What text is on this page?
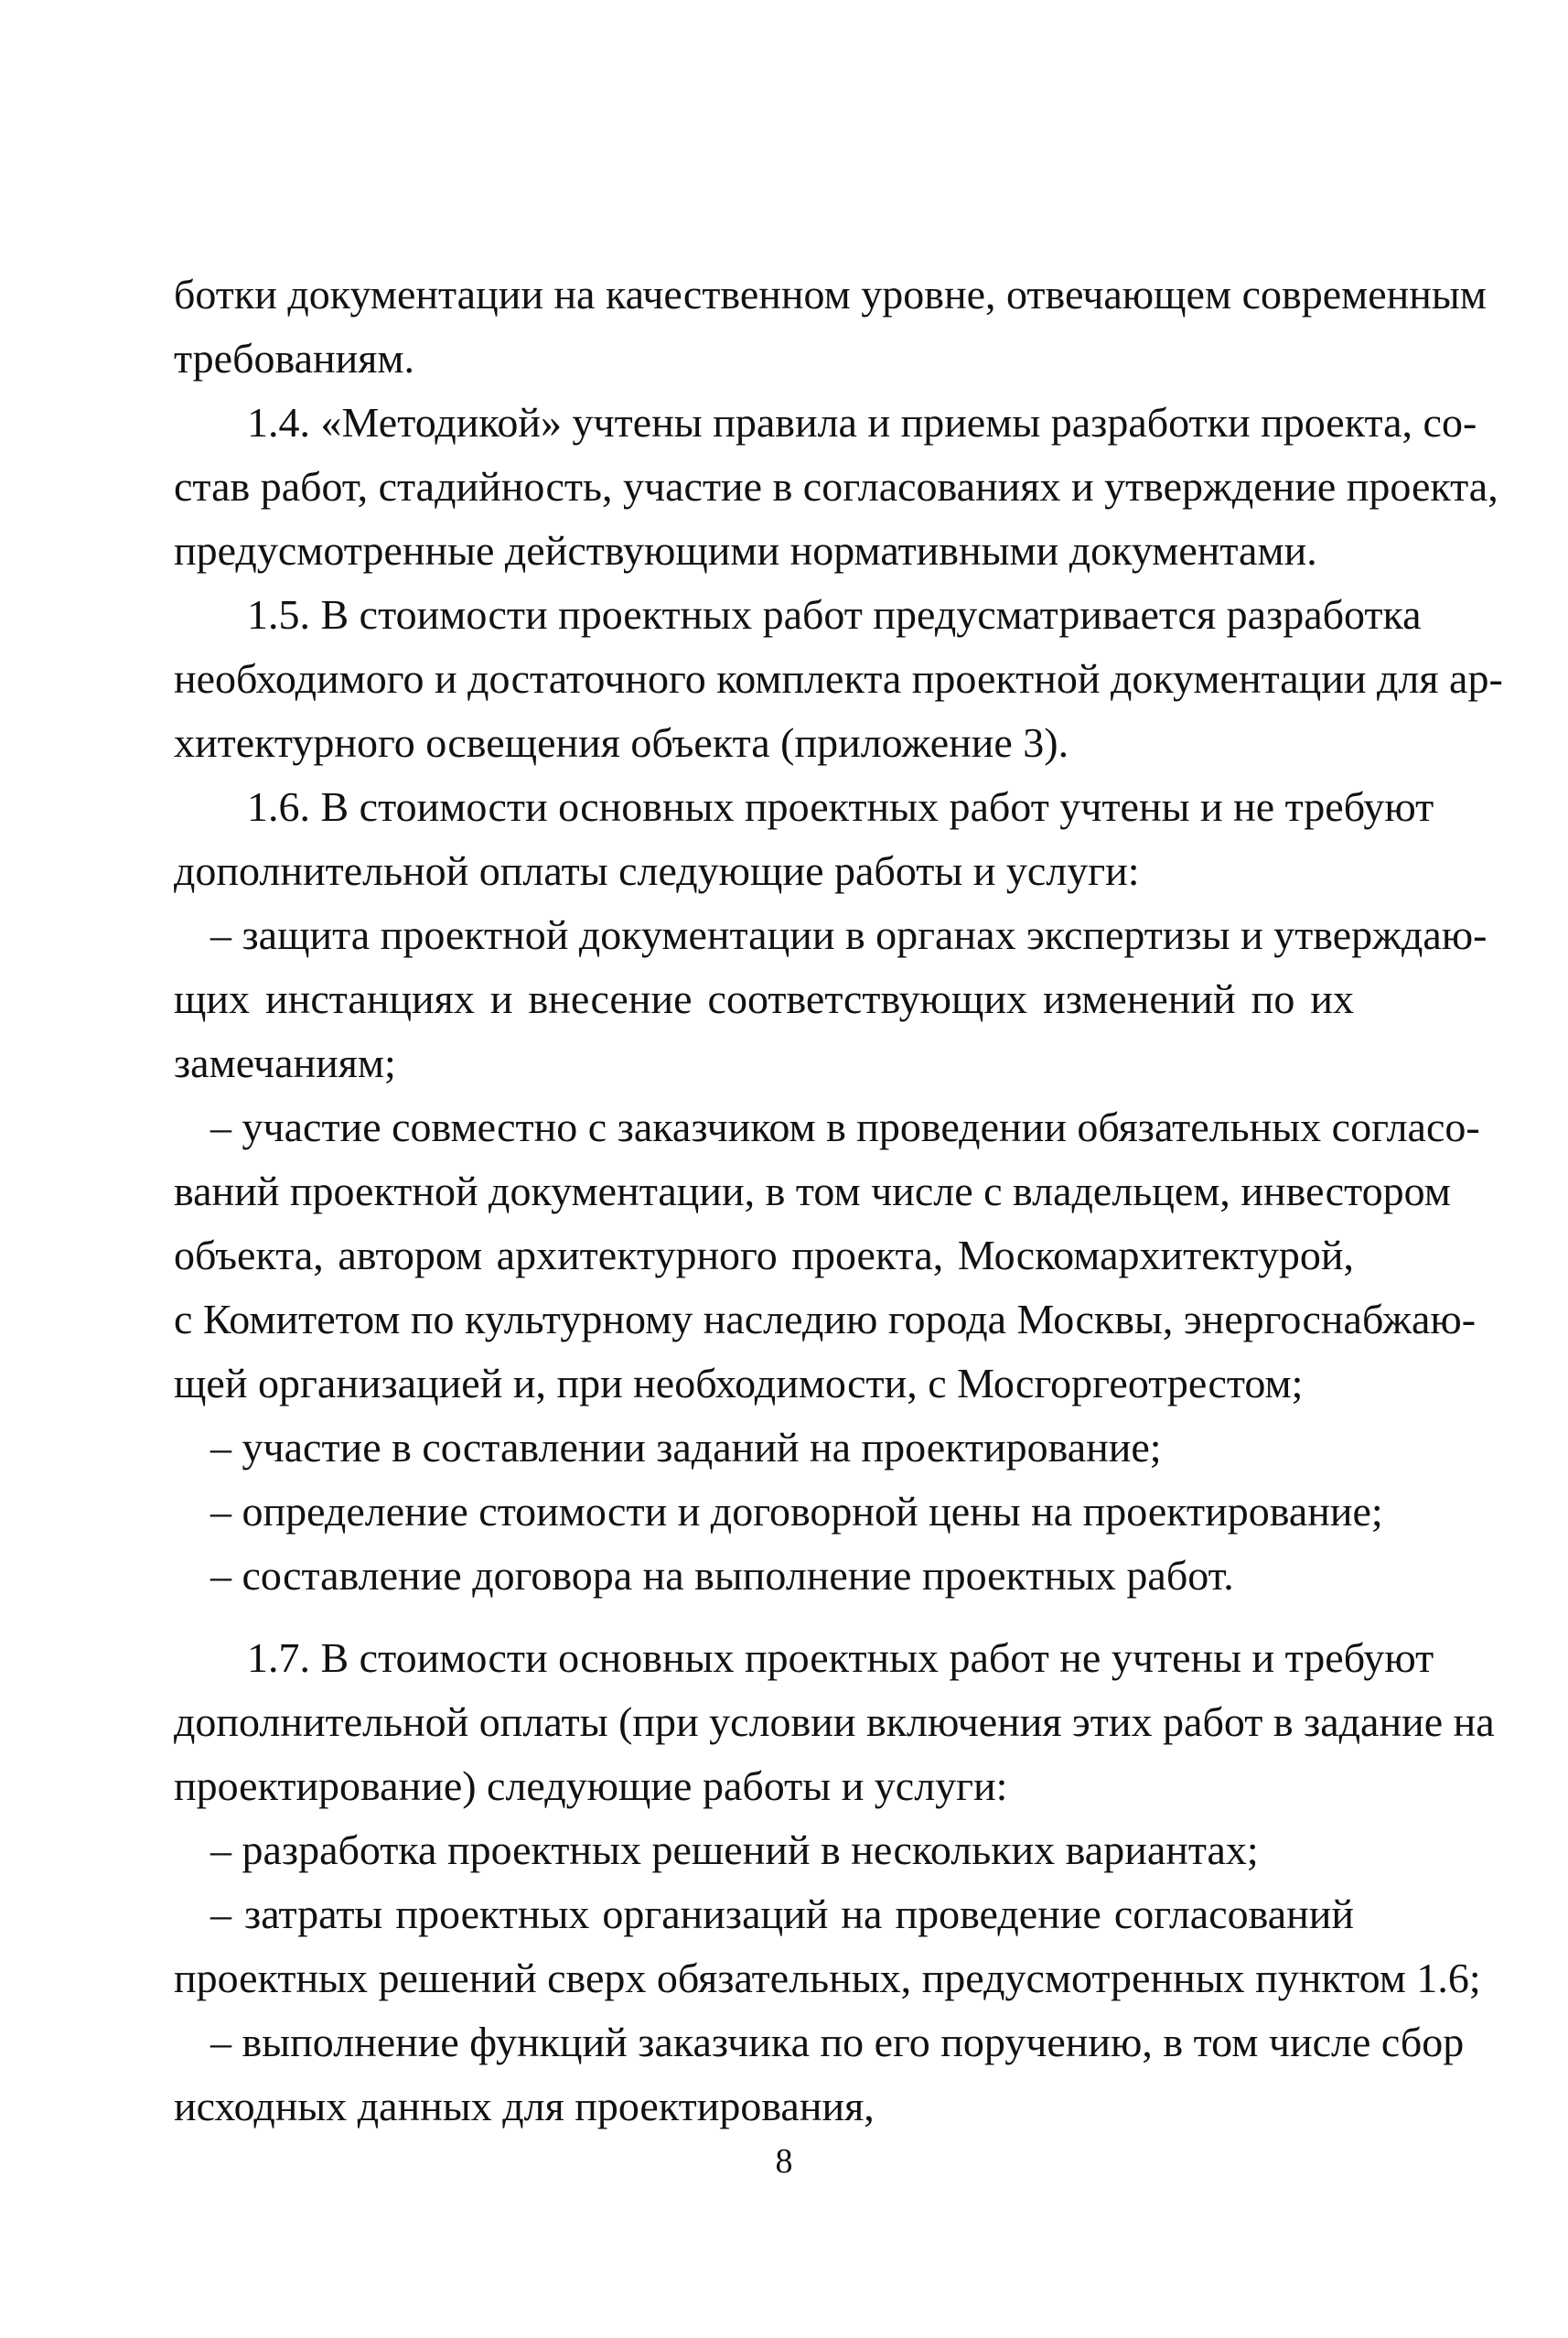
ботки документации на качественном уровне, отвечающем современным
требованиям.
1.4. «Методикой» учтены правила и приемы разработки проекта, со-
став работ, стадийность, участие в согласованиях и утверждение проекта,
предусмотренные действующими нормативными документами.
1.5. В стоимости проектных работ предусматривается разработка
необходимого и достаточного комплекта проектной документации для ар-
хитектурного освещения объекта (приложение 3).
1.6. В стоимости основных проектных работ учтены и не требуют
дополнительной оплаты следующие работы и услуги:
– защита проектной документации в органах экспертизы и утверждаю-
щих инстанциях и внесение соответствующих изменений по их
замечаниям;
– участие совместно с заказчиком в проведении обязательных согласо-
ваний проектной документации, в том числе с владельцем, инвестором
объекта, автором архитектурного проекта, Москомархитектурой,
с Комитетом по культурному наследию города Москвы, энергоснабжаю-
щей организацией и, при необходимости, с Мосгоргеотрестом;
– участие в составлении заданий на проектирование;
– определение стоимости и договорной цены на проектирование;
– составление договора на выполнение проектных работ.
1.7. В стоимости основных проектных работ не учтены и требуют
дополнительной оплаты (при условии включения этих работ в задание на
проектирование) следующие работы и услуги:
– разработка проектных решений в нескольких вариантах;
– затраты проектных организаций на проведение согласований
проектных решений сверх обязательных, предусмотренных пунктом 1.6;
– выполнение функций заказчика по его поручению, в том числе сбор
исходных данных для проектирования,
8
